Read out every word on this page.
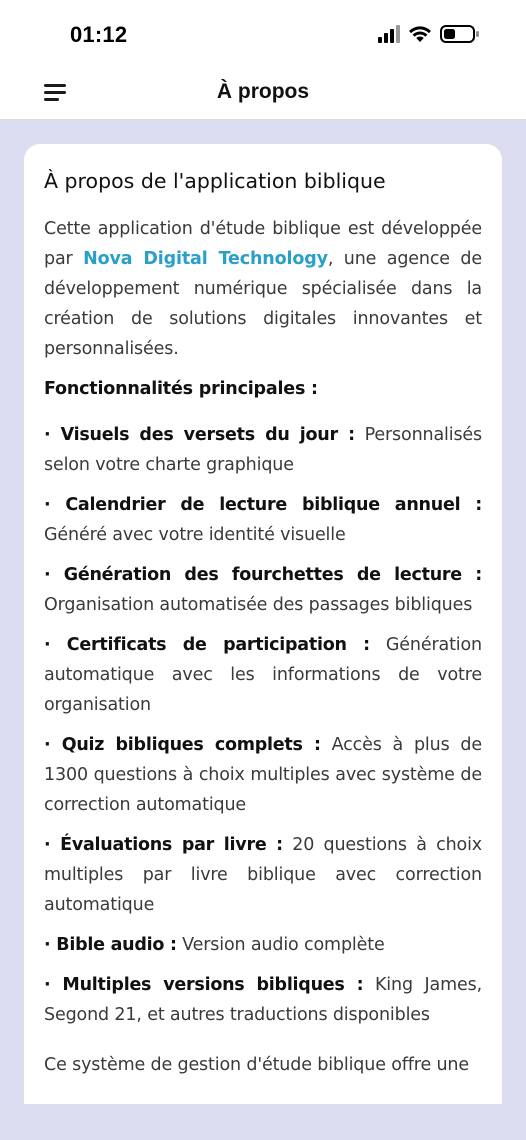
01:12
À propos
À propos de l'application biblique

Cette application d'étude biblique est développée par Nova Digital Technology, une agence de développement numérique spécialisée dans la création de solutions digitales innovantes et personnalisées.

Fonctionnalités principales :
· Visuels des versets du jour : Personnalisés selon votre charte graphique
· Calendrier de lecture biblique annuel : Généré avec votre identité visuelle
· Génération des fourchettes de lecture : Organisation automatisée des passages bibliques
· Certificats de participation : Génération automatique avec les informations de votre organisation
· Quiz bibliques complets : Accès à plus de 1300 questions à choix multiples avec système de correction automatique
· Évaluations par livre : 20 questions à choix multiples par livre biblique avec correction automatique
· Bible audio : Version audio complète
· Multiples versions bibliques : King James, Segond 21, et autres traductions disponibles

Ce système de gestion d'étude biblique offre une
